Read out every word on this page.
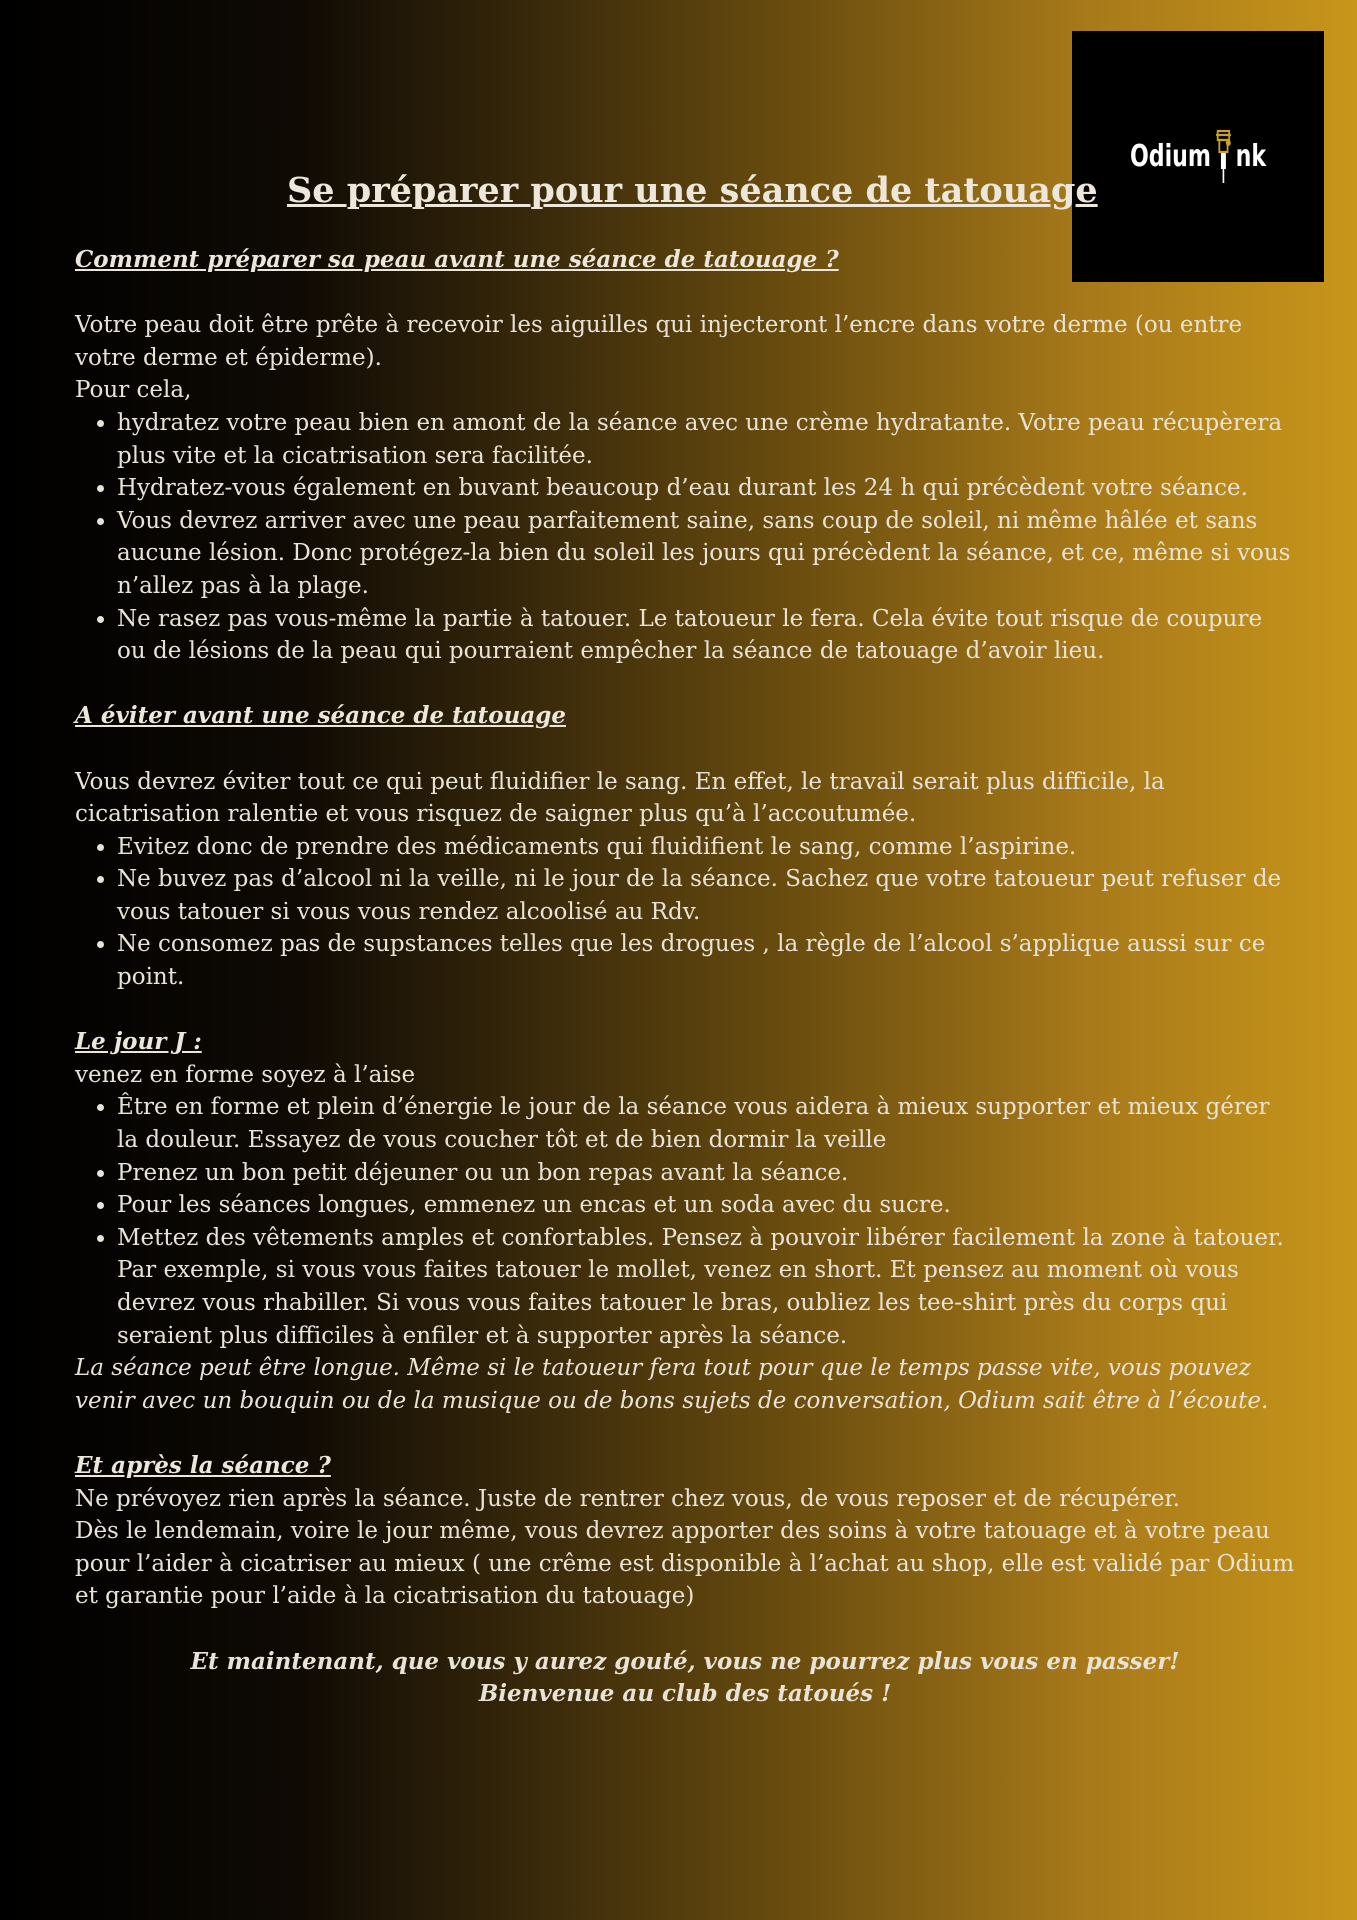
Odium nk
Se préparer pour une séance de tatouage

Comment préparer sa peau avant une séance de tatouage ?

Votre peau doit être prête à recevoir les aiguilles qui injecteront l’encre dans votre derme (ou entre votre derme et épiderme).

Pour cela,

• hydratez votre peau bien en amont de la séance avec une crème hydratante. Votre peau récupèrera plus vite et la cicatrisation sera facilitée.
• Hydratez-vous également en buvant beaucoup d’eau durant les 24 h qui précèdent votre séance.
• Vous devrez arriver avec une peau parfaitement saine, sans coup de soleil, ni même hâlée et sans aucune lésion. Donc protégez-la bien du soleil les jours qui précèdent la séance, et ce, même si vous n’allez pas à la plage.
• Ne rasez pas vous-même la partie à tatouer. Le tatoueur le fera. Cela évite tout risque de coupure ou de lésions de la peau qui pourraient empêcher la séance de tatouage d’avoir lieu.

A éviter avant une séance de tatouage

Vous devrez éviter tout ce qui peut fluidifier le sang. En effet, le travail serait plus difficile, la cicatrisation ralentie et vous risquez de saigner plus qu’à l’accoutumée.

• Evitez donc de prendre des médicaments qui fluidifient le sang, comme l’aspirine.
• Ne buvez pas d’alcool ni la veille, ni le jour de la séance. Sachez que votre tatoueur peut refuser de vous tatouer si vous vous rendez alcoolisé au Rdv.
• Ne consomez pas de supstances telles que les drogues , la règle de l’alcool s’applique aussi sur ce point.

Le jour J :

venez en forme soyez à l’aise

• Être en forme et plein d’énergie le jour de la séance vous aidera à mieux supporter et mieux gérer la douleur. Essayez de vous coucher tôt et de bien dormir la veille
• Prenez un bon petit déjeuner ou un bon repas avant la séance.
• Pour les séances longues, emmenez un encas et un soda avec du sucre.
• Mettez des vêtements amples et confortables. Pensez à pouvoir libérer facilement la zone à tatouer. Par exemple, si vous vous faites tatouer le mollet, venez en short. Et pensez au moment où vous devrez vous rhabiller. Si vous vous faites tatouer le bras, oubliez les tee-shirt près du corps qui seraient plus difficiles à enfiler et à supporter après la séance.

La séance peut être longue. Même si le tatoueur fera tout pour que le temps passe vite, vous pouvez venir avec un bouquin ou de la musique ou de bons sujets de conversation, Odium sait être à l’écoute.

Et après la séance ?

Ne prévoyez rien après la séance. Juste de rentrer chez vous, de vous reposer et de récupérer.

Dès le lendemain, voire le jour même, vous devrez apporter des soins à votre tatouage et à votre peau pour l’aider à cicatriser au mieux ( une crême est disponible à l’achat au shop, elle est validé par Odium et garantie pour l’aide à la cicatrisation du tatouage)

Et maintenant, que vous y aurez gouté, vous ne pourrez plus vous en passer!

Bienvenue au club des tatoués !
